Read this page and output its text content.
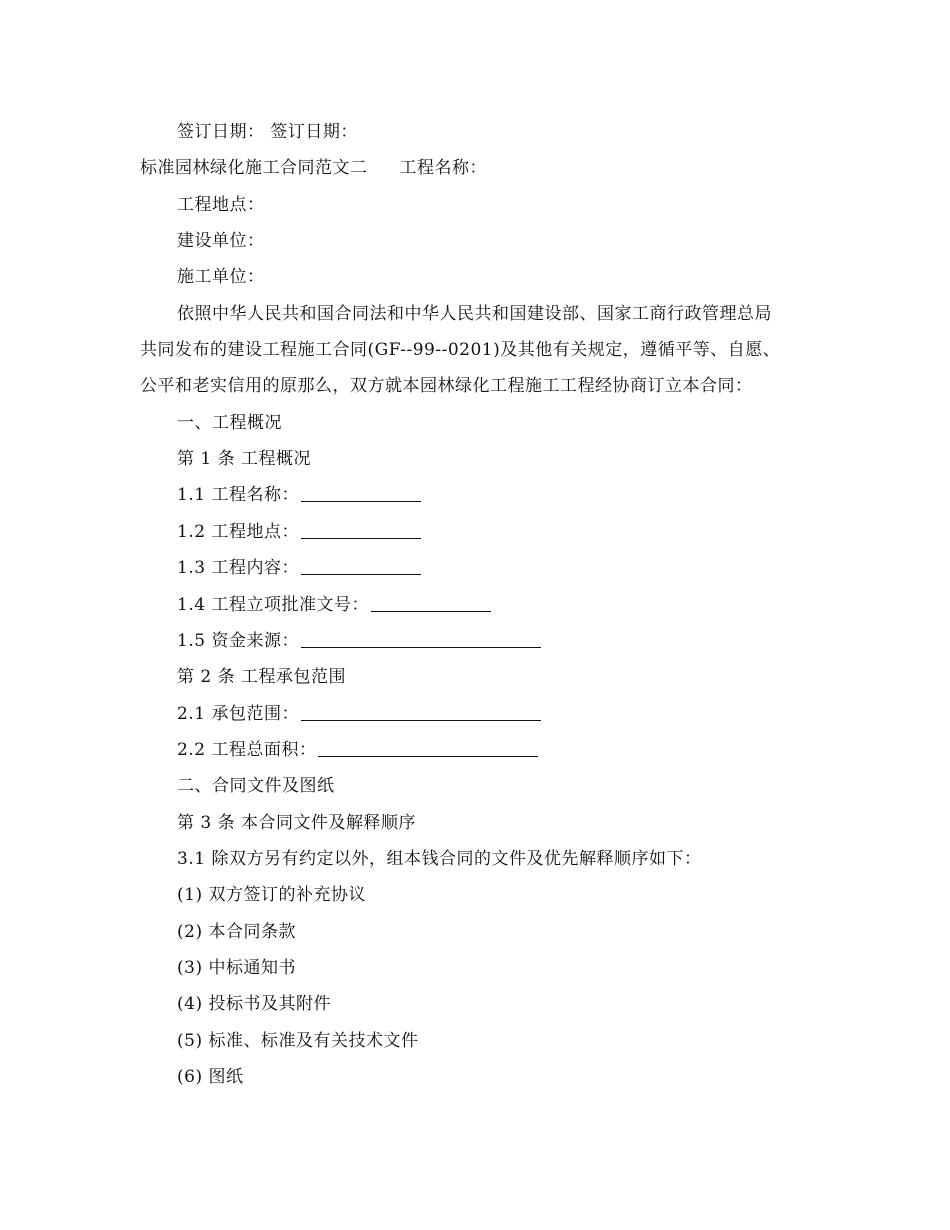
签订日期： 签订日期：
标准园林绿化施工合同范文二 工程名称：
工程地点：
建设单位：
施工单位：
依照中华人民共和国合同法和中华人民共和国建设部、国家工商行政管理总局
共同发布的建设工程施工合同(GF--99--0201)及其他有关规定，遵循平等、自愿、
公平和老实信用的原那么，双方就本园林绿化工程施工工程经协商订立本合同：
一、工程概况
第 1 条 工程概况
1.1 工程名称：
1.2 工程地点：
1.3 工程内容：
1.4 工程立项批准文号：
1.5 资金来源：
第 2 条 工程承包范围
2.1 承包范围：
2.2 工程总面积：
二、合同文件及图纸
第 3 条 本合同文件及解释顺序
3.1 除双方另有约定以外，组本钱合同的文件及优先解释顺序如下：
(1) 双方签订的补充协议
(2) 本合同条款
(3) 中标通知书
(4) 投标书及其附件
(5) 标准、标准及有关技术文件
(6) 图纸
